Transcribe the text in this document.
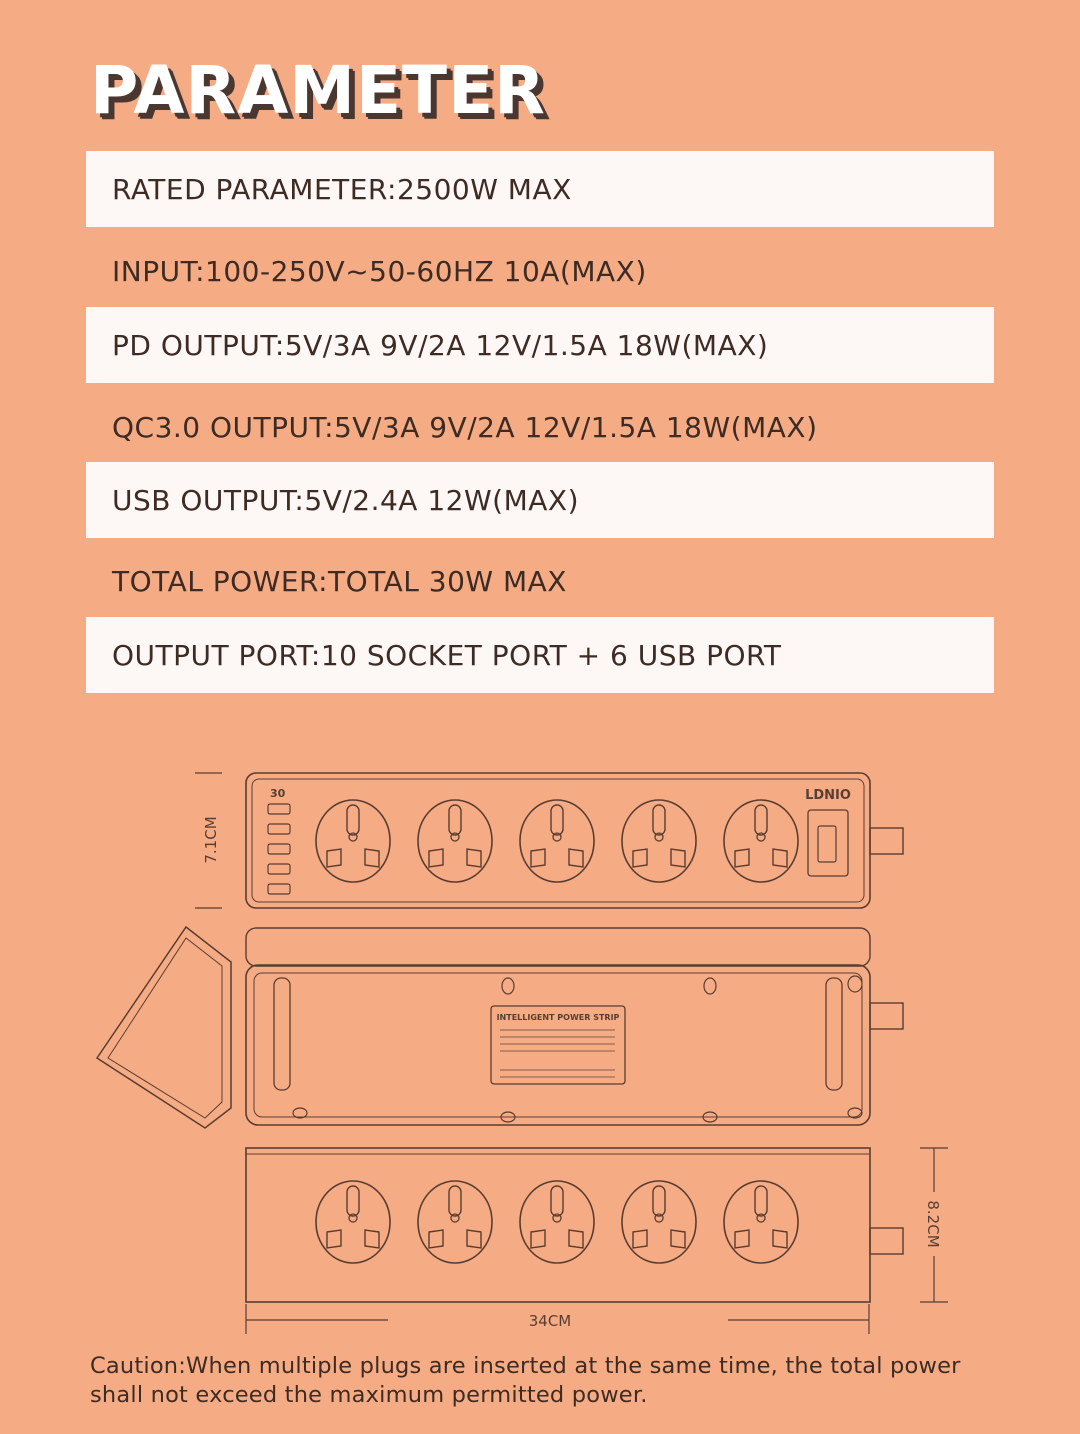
PARAMETER
RATED PARAMETER:2500W MAX
INPUT:100-250V~50-60HZ 10A(MAX)
PD OUTPUT:5V/3A 9V/2A 12V/1.5A 18W(MAX)
QC3.0 OUTPUT:5V/3A 9V/2A 12V/1.5A 18W(MAX)
USB OUTPUT:5V/2.4A 12W(MAX)
TOTAL POWER:TOTAL 30W MAX
OUTPUT PORT:10 SOCKET PORT + 6 USB PORT
7.1CM
30	LDNIO
INTELLIGENT POWER STRIP
8.2CM
34CM
Caution:When multiple plugs are inserted at the same time, the total power shall not exceed the maximum permitted power.
